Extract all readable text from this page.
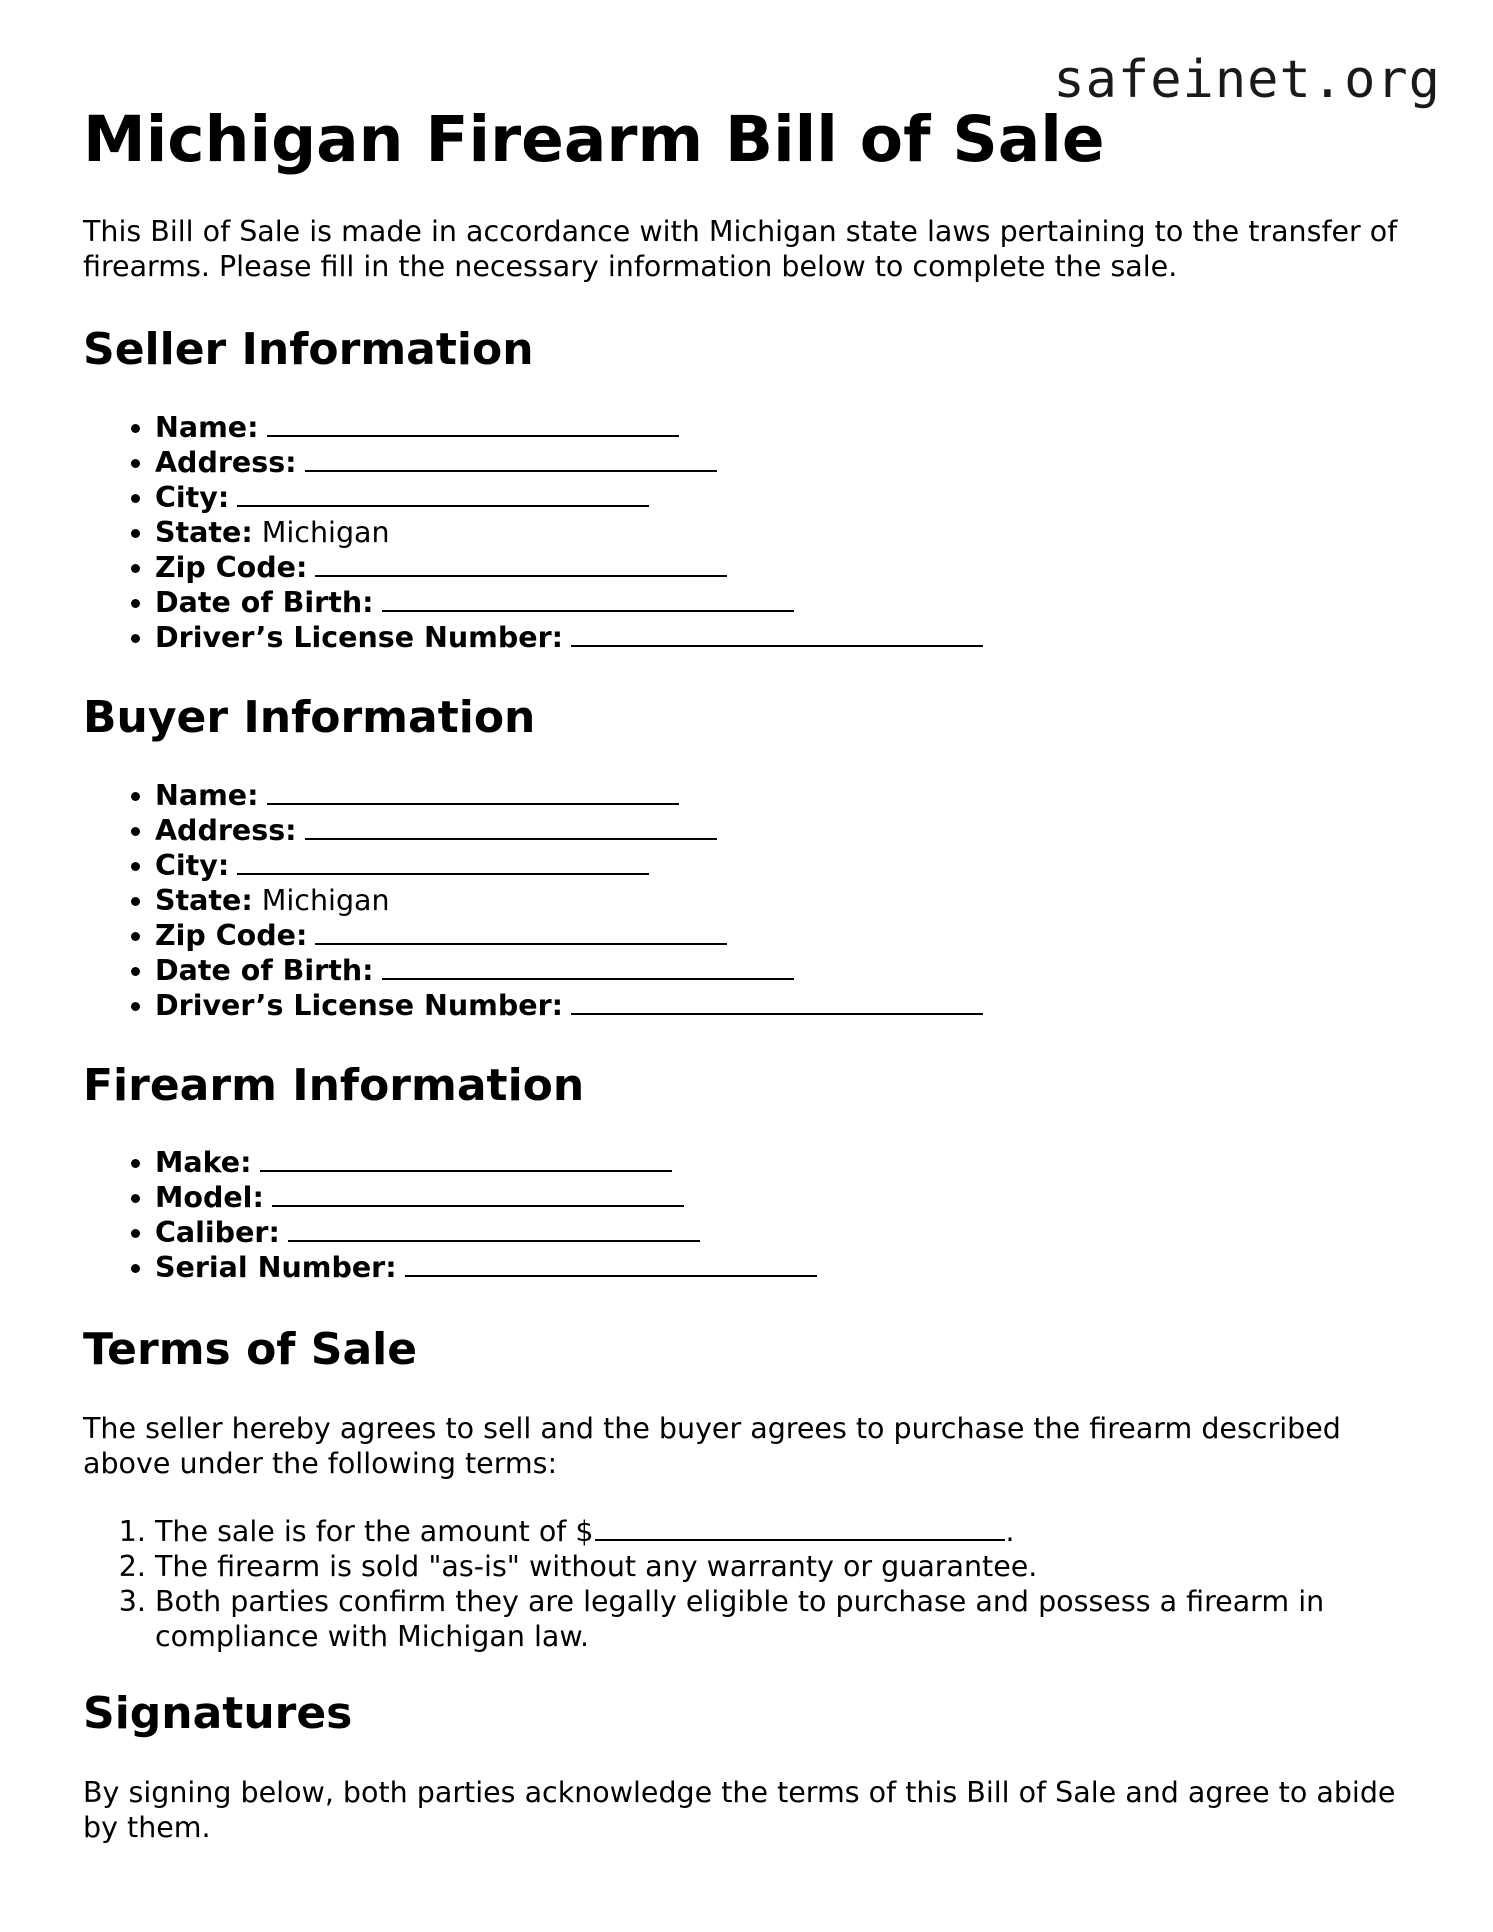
safeinet.org
Michigan Firearm Bill of Sale

This Bill of Sale is made in accordance with Michigan state laws pertaining to the transfer of firearms. Please fill in the necessary information below to complete the sale.

Seller Information
• Name:
• Address:
• City:
• State: Michigan
• Zip Code:
• Date of Birth:
• Driver’s License Number:
Buyer Information
• Name:
• Address:
• City:
• State: Michigan
• Zip Code:
• Date of Birth:
• Driver’s License Number:
Firearm Information
• Make:
• Model:
• Caliber:
• Serial Number:
Terms of Sale

The seller hereby agrees to sell and the buyer agrees to purchase the firearm described above under the following terms:

1. The sale is for the amount of $	.
2. The firearm is sold "as-is" without any warranty or guarantee.
3. Both parties confirm they are legally eligible to purchase and possess a firearm in compliance with Michigan law.
Signatures

By signing below, both parties acknowledge the terms of this Bill of Sale and agree to abide by them.
